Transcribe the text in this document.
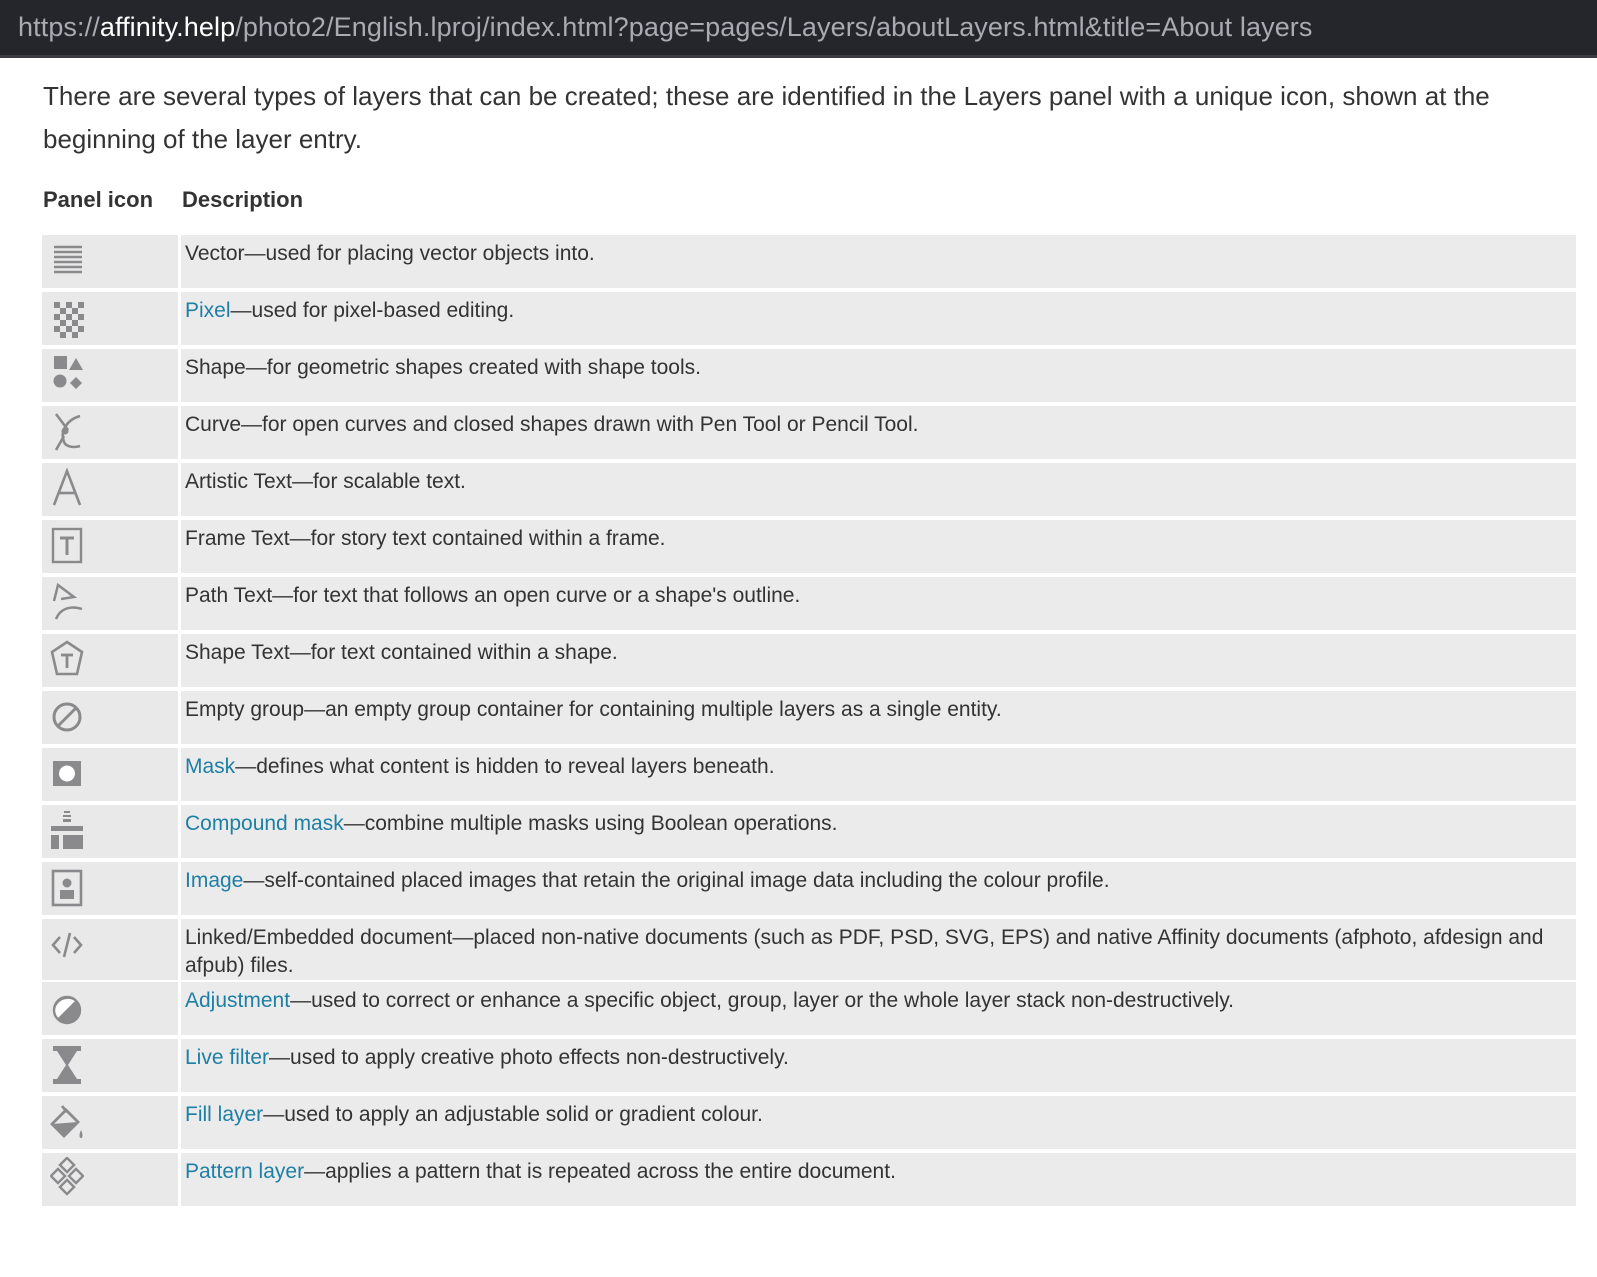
https:// affinity.help /photo2/English.lproj/index.html?page=pages/Layers/aboutLayers.html&title=About layers

There are several types of layers that can be created; these are identified in the Layers panel with a unique icon, shown at the beginning of the layer entry.

Panel icon		Description

		Vector—used for placing vector objects into.

		Pixel—used for pixel-based editing.

		Shape—for geometric shapes created with shape tools.

		Curve—for open curves and closed shapes drawn with Pen Tool or Pencil Tool.

		Artistic Text—for scalable text.

		Frame Text—for story text contained within a frame.

		Path Text—for text that follows an open curve or a shape's outline.

		Shape Text—for text contained within a shape.

		Empty group—an empty group container for containing multiple layers as a single entity.

		Mask—defines what content is hidden to reveal layers beneath.

		Compound mask—combine multiple masks using Boolean operations.

		Image—self-contained placed images that retain the original image data including the colour profile.

		Linked/Embedded document—placed non-native documents (such as PDF, PSD, SVG, EPS) and native Affinity documents (afphoto, afdesign and afpub) files.

		Adjustment—used to correct or enhance a specific object, group, layer or the whole layer stack non-destructively.

		Live filter—used to apply creative photo effects non-destructively.

		Fill layer—used to apply an adjustable solid or gradient colour.

		Pattern layer—applies a pattern that is repeated across the entire document.
